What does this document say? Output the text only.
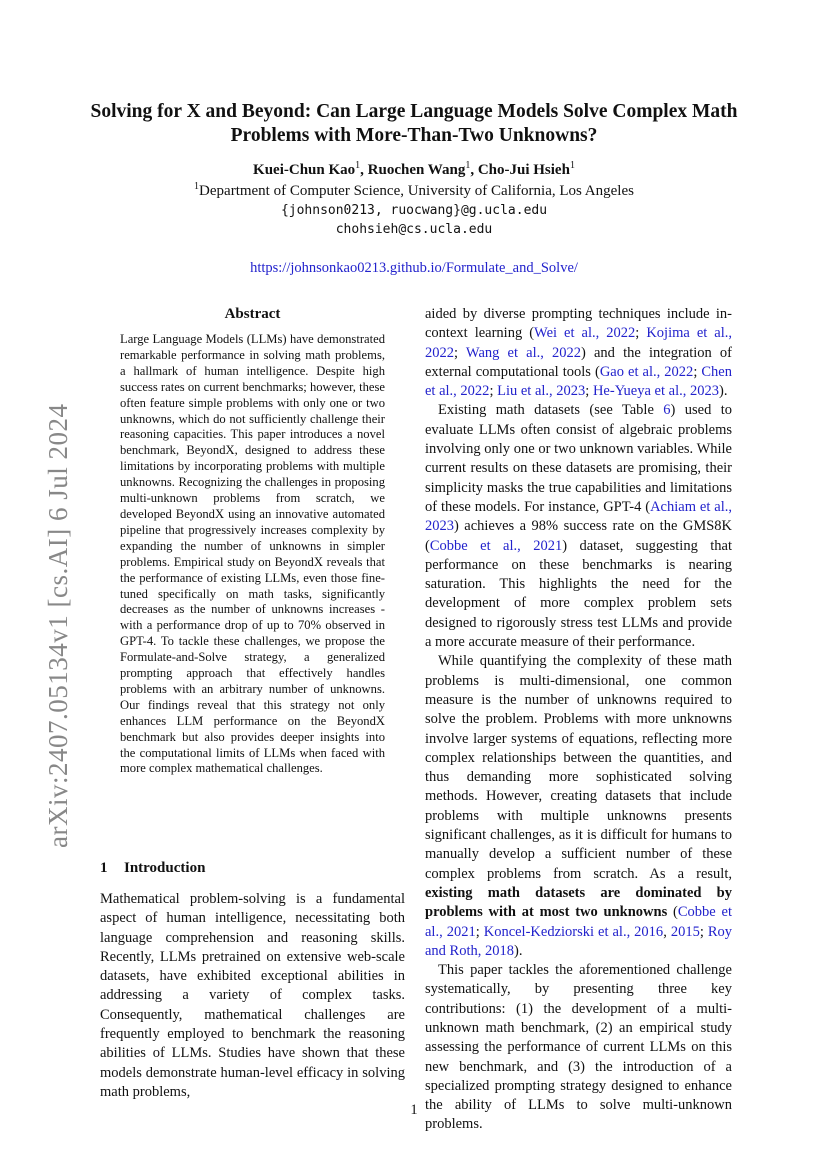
arXiv:2407.05134v1 [cs.AI] 6 Jul 2024
Solving for X and Beyond: Can Large Language Models Solve Complex Math Problems with More-Than-Two Unknowns?
Kuei-Chun Kao$^1$, Ruochen Wang$^1$, Cho-Jui Hsieh$^1$
$^1$Department of Computer Science, University of California, Los Angeles
{johnson0213, ruocwang}@g.ucla.edu
chohsieh@cs.ucla.edu
https://johnsonkao0213.github.io/Formulate_and_Solve/
Abstract

Large Language Models (LLMs) have demonstrated remarkable performance in solving math problems, a hallmark of human intelligence. Despite high success rates on current benchmarks; however, these often feature simple problems with only one or two unknowns, which do not sufficiently challenge their reasoning capacities. This paper introduces a novel benchmark, BeyondX, designed to address these limitations by incorporating problems with multiple unknowns. Recognizing the challenges in proposing multi-unknown problems from scratch, we developed BeyondX using an innovative automated pipeline that progressively increases complexity by expanding the number of unknowns in simpler problems. Empirical study on BeyondX reveals that the performance of existing LLMs, even those fine-tuned specifically on math tasks, significantly decreases as the number of unknowns increases - with a performance drop of up to 70% observed in GPT-4. To tackle these challenges, we propose the Formulate-and-Solve strategy, a generalized prompting approach that effectively handles problems with an arbitrary number of unknowns. Our findings reveal that this strategy not only enhances LLM performance on the BeyondX benchmark but also provides deeper insights into the computational limits of LLMs when faced with more complex mathematical challenges.

1 Introduction

Mathematical problem-solving is a fundamental aspect of human intelligence, necessitating both language comprehension and reasoning skills. Recently, LLMs pretrained on extensive web-scale datasets, have exhibited exceptional abilities in addressing a variety of complex tasks. Consequently, mathematical challenges are frequently employed to benchmark the reasoning abilities of LLMs. Studies have shown that these models demonstrate human-level efficacy in solving math problems,

aided by diverse prompting techniques include in-context learning (Wei et al., 2022; Kojima et al., 2022; Wang et al., 2022) and the integration of external computational tools (Gao et al., 2022; Chen et al., 2022; Liu et al., 2023; He-Yueya et al., 2023).

Existing math datasets (see Table 6) used to evaluate LLMs often consist of algebraic problems involving only one or two unknown variables. While current results on these datasets are promising, their simplicity masks the true capabilities and limitations of these models. For instance, GPT-4 (Achiam et al., 2023) achieves a 98% success rate on the GMS8K (Cobbe et al., 2021) dataset, suggesting that performance on these benchmarks is nearing saturation. This highlights the need for the development of more complex problem sets designed to rigorously stress test LLMs and provide a more accurate measure of their performance.

While quantifying the complexity of these math problems is multi-dimensional, one common measure is the number of unknowns required to solve the problem. Problems with more unknowns involve larger systems of equations, reflecting more complex relationships between the quantities, and thus demanding more sophisticated solving methods. However, creating datasets that include problems with multiple unknowns presents significant challenges, as it is difficult for humans to manually develop a sufficient number of these complex problems from scratch. As a result, existing math datasets are dominated by problems with at most two unknowns (Cobbe et al., 2021; Koncel-Kedziorski et al., 2016, 2015; Roy and Roth, 2018).

This paper tackles the aforementioned challenge systematically, by presenting three key contributions: (1) the development of a multi-unknown math benchmark, (2) an empirical study assessing the performance of current LLMs on this new benchmark, and (3) the introduction of a specialized prompting strategy designed to enhance the ability of LLMs to solve multi-unknown problems.

1
